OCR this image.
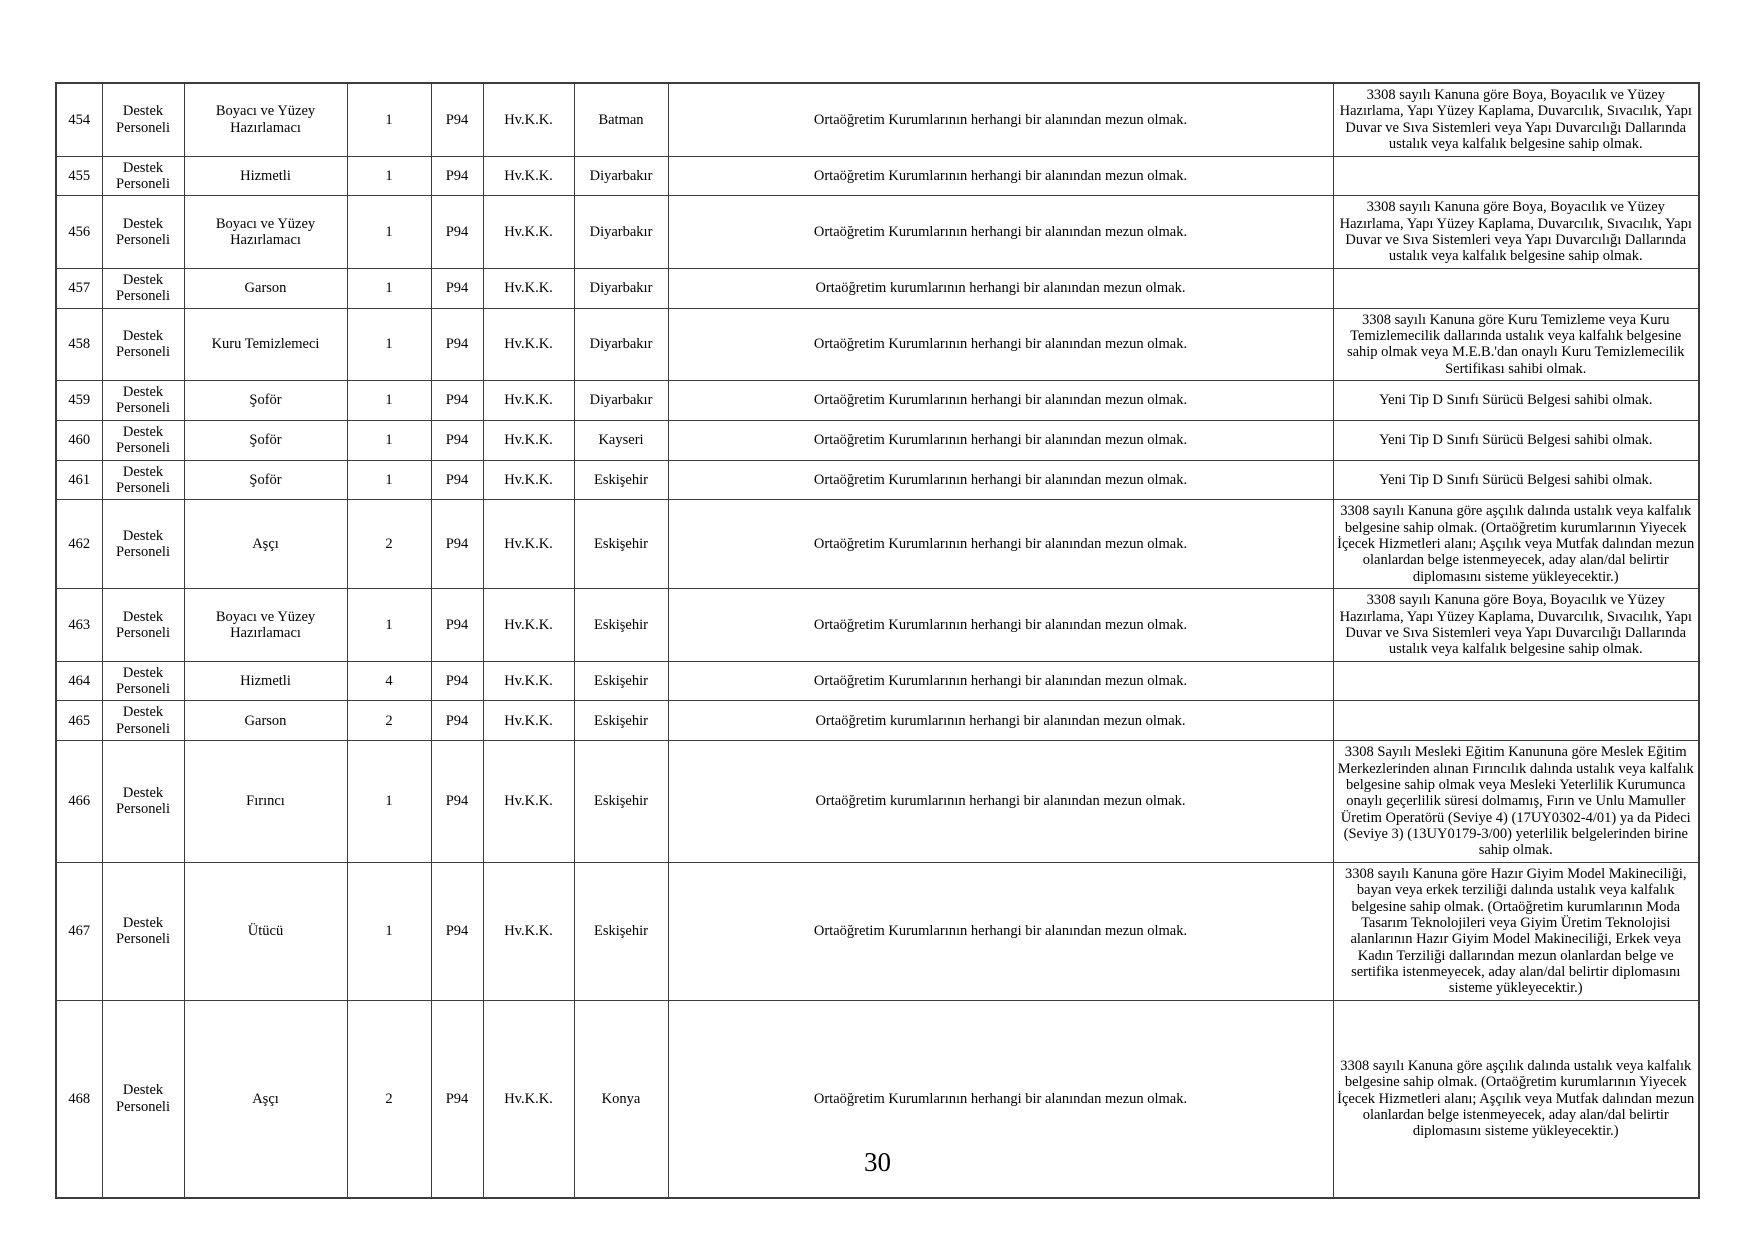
454	Destek Personeli	Boyacı ve Yüzey Hazırlamacı	1	P94	Hv.K.K.	Batman	Ortaöğretim Kurumlarının herhangi bir alanından mezun olmak.	3308 sayılı Kanuna göre Boya, Boyacılık ve Yüzey Hazırlama, Yapı Yüzey Kaplama, Duvarcılık, Sıvacılık, Yapı Duvar ve Sıva Sistemleri veya Yapı Duvarcılığı Dallarında ustalık veya kalfalık belgesine sahip olmak.
455	Destek Personeli	Hizmetli	1	P94	Hv.K.K.	Diyarbakır	Ortaöğretim Kurumlarının herhangi bir alanından mezun olmak.	
456	Destek Personeli	Boyacı ve Yüzey Hazırlamacı	1	P94	Hv.K.K.	Diyarbakır	Ortaöğretim Kurumlarının herhangi bir alanından mezun olmak.	3308 sayılı Kanuna göre Boya, Boyacılık ve Yüzey Hazırlama, Yapı Yüzey Kaplama, Duvarcılık, Sıvacılık, Yapı Duvar ve Sıva Sistemleri veya Yapı Duvarcılığı Dallarında ustalık veya kalfalık belgesine sahip olmak.
457	Destek Personeli	Garson	1	P94	Hv.K.K.	Diyarbakır	Ortaöğretim kurumlarının herhangi bir alanından mezun olmak.	
458	Destek Personeli	Kuru Temizlemeci	1	P94	Hv.K.K.	Diyarbakır	Ortaöğretim Kurumlarının herhangi bir alanından mezun olmak.	3308 sayılı Kanuna göre Kuru Temizleme veya Kuru Temizlemecilik dallarında ustalık veya kalfalık belgesine sahip olmak veya M.E.B.'dan onaylı Kuru Temizlemecilik Sertifikası sahibi olmak.
459	Destek Personeli	Şoför	1	P94	Hv.K.K.	Diyarbakır	Ortaöğretim Kurumlarının herhangi bir alanından mezun olmak.	Yeni Tip D Sınıfı Sürücü Belgesi sahibi olmak.
460	Destek Personeli	Şoför	1	P94	Hv.K.K.	Kayseri	Ortaöğretim Kurumlarının herhangi bir alanından mezun olmak.	Yeni Tip D Sınıfı Sürücü Belgesi sahibi olmak.
461	Destek Personeli	Şoför	1	P94	Hv.K.K.	Eskişehir	Ortaöğretim Kurumlarının herhangi bir alanından mezun olmak.	Yeni Tip D Sınıfı Sürücü Belgesi sahibi olmak.
462	Destek Personeli	Aşçı	2	P94	Hv.K.K.	Eskişehir	Ortaöğretim Kurumlarının herhangi bir alanından mezun olmak.	3308 sayılı Kanuna göre aşçılık dalında ustalık veya kalfalık belgesine sahip olmak. (Ortaöğretim kurumlarının Yiyecek İçecek Hizmetleri alanı; Aşçılık veya Mutfak dalından mezun olanlardan belge istenmeyecek, aday alan/dal belirtir diplomasını sisteme yükleyecektir.)
463	Destek Personeli	Boyacı ve Yüzey Hazırlamacı	1	P94	Hv.K.K.	Eskişehir	Ortaöğretim Kurumlarının herhangi bir alanından mezun olmak.	3308 sayılı Kanuna göre Boya, Boyacılık ve Yüzey Hazırlama, Yapı Yüzey Kaplama, Duvarcılık, Sıvacılık, Yapı Duvar ve Sıva Sistemleri veya Yapı Duvarcılığı Dallarında ustalık veya kalfalık belgesine sahip olmak.
464	Destek Personeli	Hizmetli	4	P94	Hv.K.K.	Eskişehir	Ortaöğretim Kurumlarının herhangi bir alanından mezun olmak.	
465	Destek Personeli	Garson	2	P94	Hv.K.K.	Eskişehir	Ortaöğretim kurumlarının herhangi bir alanından mezun olmak.	
466	Destek Personeli	Fırıncı	1	P94	Hv.K.K.	Eskişehir	Ortaöğretim kurumlarının herhangi bir alanından mezun olmak.	3308 Sayılı Mesleki Eğitim Kanununa göre Meslek Eğitim Merkezlerinden alınan Fırıncılık dalında ustalık veya kalfalık belgesine sahip olmak veya Mesleki Yeterlilik Kurumunca onaylı geçerlilik süresi dolmamış, Fırın ve Unlu Mamuller Üretim Operatörü (Seviye 4) (17UY0302-4/01) ya da Pideci (Seviye 3) (13UY0179-3/00) yeterlilik belgelerinden birine sahip olmak.
467	Destek Personeli	Ütücü	1	P94	Hv.K.K.	Eskişehir	Ortaöğretim Kurumlarının herhangi bir alanından mezun olmak.	3308 sayılı Kanuna göre Hazır Giyim Model Makineciliği, bayan veya erkek terziliği dalında ustalık veya kalfalık belgesine sahip olmak. (Ortaöğretim kurumlarının Moda Tasarım Teknolojileri veya Giyim Üretim Teknolojisi alanlarının Hazır Giyim Model Makineciliği, Erkek veya Kadın Terziliği dallarından mezun olanlardan belge ve sertifika istenmeyecek, aday alan/dal belirtir diplomasını sisteme yükleyecektir.)
468	Destek Personeli	Aşçı	2	P94	Hv.K.K.	Konya	Ortaöğretim Kurumlarının herhangi bir alanından mezun olmak.	3308 sayılı Kanuna göre aşçılık dalında ustalık veya kalfalık belgesine sahip olmak. (Ortaöğretim kurumlarının Yiyecek İçecek Hizmetleri alanı; Aşçılık veya Mutfak dalından mezun olanlardan belge istenmeyecek, aday alan/dal belirtir diplomasını sisteme yükleyecektir.)
30
